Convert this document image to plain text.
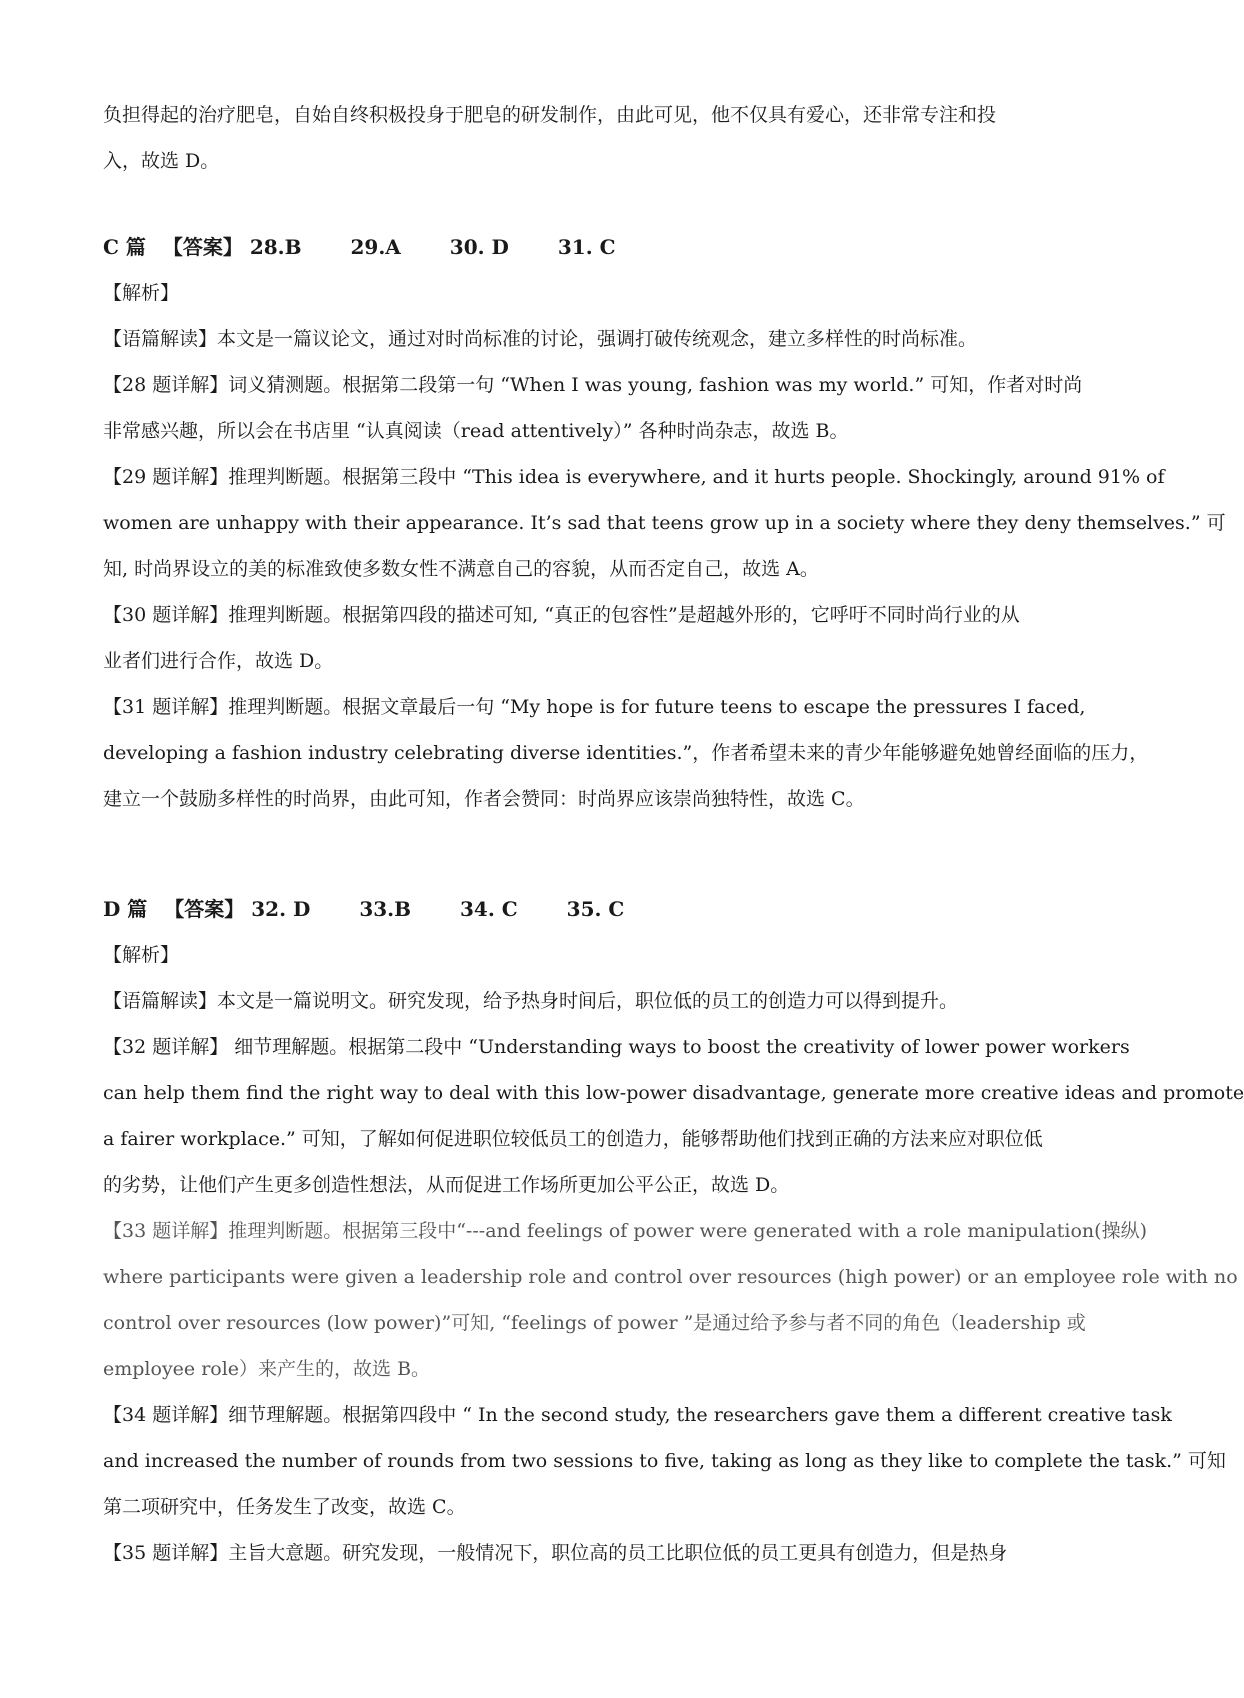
负担得起的治疗肥皂，自始自终积极投身于肥皂的研发制作，由此可见，他不仅具有爱心，还非常专注和投
入，故选 D。

C 篇 【答案】 28.B 29.A 30. D 31. C

【解析】

【语篇解读】本文是一篇议论文，通过对时尚标准的讨论，强调打破传统观念，建立多样性的时尚标准。

【28 题详解】词义猜测题。根据第二段第一句 “When I was young, fashion was my world.” 可知，作者对时尚
非常感兴趣，所以会在书店里 “认真阅读（read attentively）” 各种时尚杂志，故选 B。

【29 题详解】推理判断题。根据第三段中 “This idea is everywhere, and it hurts people. Shockingly, around 91% of
women are unhappy with their appearance. It’s sad that teens grow up in a society where they deny themselves.” 可
知, 时尚界设立的美的标准致使多数女性不满意自己的容貌，从而否定自己，故选 A。

【30 题详解】推理判断题。根据第四段的描述可知, “真正的包容性”是超越外形的，它呼吁不同时尚行业的从
业者们进行合作，故选 D。

【31 题详解】推理判断题。根据文章最后一句 “My hope is for future teens to escape the pressures I faced,
developing a fashion industry celebrating diverse identities.”，作者希望未来的青少年能够避免她曾经面临的压力，
建立一个鼓励多样性的时尚界，由此可知，作者会赞同：时尚界应该崇尚独特性，故选 C。

D 篇 【答案】 32. D 33.B 34. C 35. C

【解析】

【语篇解读】本文是一篇说明文。研究发现，给予热身时间后，职位低的员工的创造力可以得到提升。

【32 题详解】 细节理解题。根据第二段中 “Understanding ways to boost the creativity of lower power workers
can help them find the right way to deal with this low-power disadvantage, generate more creative ideas and promote
a fairer workplace.” 可知，了解如何促进职位较低员工的创造力，能够帮助他们找到正确的方法来应对职位低
的劣势，让他们产生更多创造性想法，从而促进工作场所更加公平公正，故选 D。

【33 题详解】推理判断题。根据第三段中“---and feelings of power were generated with a role manipulation(操纵)
where participants were given a leadership role and control over resources (high power) or an employee role with no
control over resources (low power)”可知, “feelings of power ”是通过给予参与者不同的角色（leadership 或
employee role）来产生的，故选 B。

【34 题详解】细节理解题。根据第四段中 “ In the second study, the researchers gave them a different creative task
and increased the number of rounds from two sessions to five, taking as long as they like to complete the task.” 可知
第二项研究中，任务发生了改变，故选 C。

【35 题详解】主旨大意题。研究发现，一般情况下，职位高的员工比职位低的员工更具有创造力，但是热身
